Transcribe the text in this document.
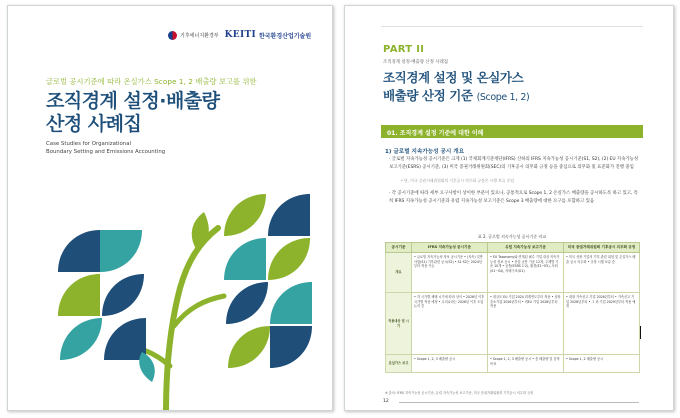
기후에너지환경부 KEITI 한국환경산업기술원
글로벌 공시기준에 따라 온실가스 Scope 1, 2 배출량 보고를 위한
조직경계 설정·배출량
산정 사례집
Case Studies for Organizational
Boundary Setting and Emissions Accounting
PART II
조직경계 설정·배출량 산정 사례집
조직경계 설정 및 온실가스
배출량 산정 기준 (Scope 1, 2)
01. 조직경계 설정 기준에 대한 이해
1) 글로벌 지속가능성 공시 개요
· 글로벌 지속가능성 공시기준은 크게 (1) 국제회계기준재단(IFRS) 산하의 IFRS 지속가능성 공시기준(S1, S2), (2) EU 지속가능성보고기준(ESRS) 공시기준, (3) 미국 증권거래위원회(SEC)의 기후공시 의무화 규정 등을 중심으로 의무화 및 표준화가 진행 중임
* 단, 미국 증권거래위원회의 기후공시 의무화 규정은 시행 보류 중임
· 각 공시기준에 따라 세부 요구사항이 상이한 부분이 있으나, 공통적으로 Scope 1, 2 온실가스 배출량을 공시하도록 하고 있고, 특히 IFRS 지속가능성 공시기준과 유럽 지속가능성 보고기준은 Scope 3 배출량에 대한 요구를 포함하고 있음
표 2. 글로벌 지속가능성 공시기준 비교
공시기준	IFRS 지속가능성 공시기준	유럽 지속가능성 보고기준	미국 증권거래위원회 기후공시 의무화 규정
개요	• 글로벌 지속가능성 정보 공시기준 • (지속) 일반사항(S1) 기후관련 공시(S2) • S1·S2는 2024년부터 적용 가능	• EU Taxonomy와 연계된 필수 기업 대상 지속가능성 정보 공시 • 산업 공통 기준 12개, 주제별 기준 10개 • 공통(ESRS 1·2), 환경(E1~E5), 사회(S1~S4), 지배구조(G1)	• 미국 상장 기업의 기후 관련 위험 및 온실가스 배출 공시 의무화 • 규정 시행 보류 중
적용대상 및 시기	• 각 국가별 채택 시기에 따라 상이 • 2026년 이후 국가별 적용 예정 • 우리나라는 2026년 이후 도입 논의 중	• 대규모 EU 기업 2024 회계연도부터 적용 • 상장 중소기업 2026년부터 • 비EU 기업 2028년부터 적용	• 대형 가속신고 기업 2026년부터 • 가속신고 기업 2028년부터 • 그 외 기업 2029년부터 적용 예정
온실가스 보고	• Scope 1, 2, 3 배출량 공시	• Scope 1, 2, 3 배출량 공시 • 총 배출량 및 감축 목표	• Scope 1, 2 배출량 공시
※ 출처: IFRS 지속가능성 공시기준, 유럽 지속가능성 보고기준, 미국 증권거래위원회 기후공시 의무화 규정
12
